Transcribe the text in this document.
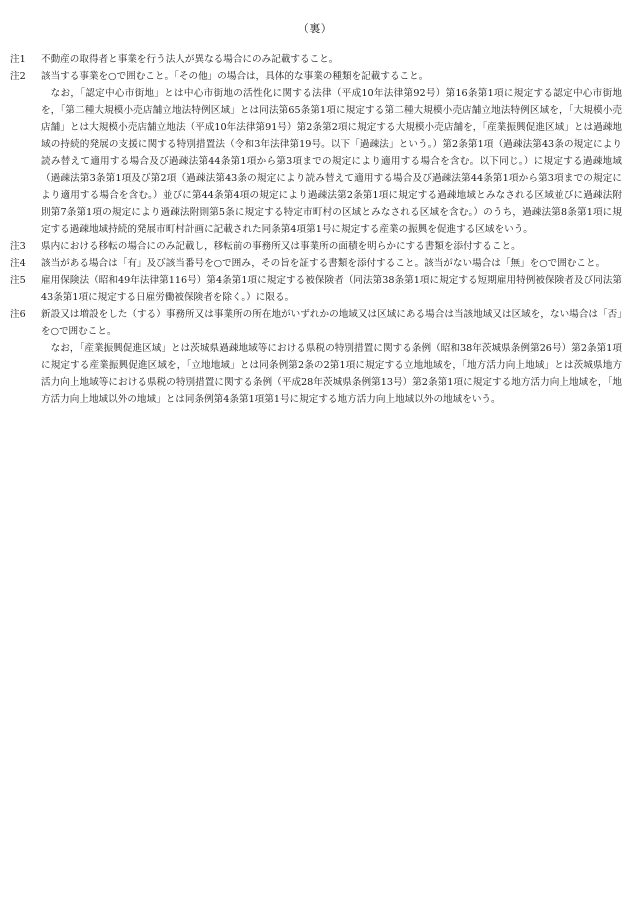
（裏）
注1	不動産の取得者と事業を行う法人が異なる場合にのみ記載すること。

注2	該当する事業を○で囲むこと。「その他」の場合は，具体的な事業の種類を記載すること。

なお，「認定中心市街地」とは中心市街地の活性化に関する法律（平成10年法律第92号）第16条第1項に規定する認定中心市街地を，「第二種大規模小売店舗立地法特例区域」とは同法第65条第1項に規定する第二種大規模小売店舗立地法特例区域を，「大規模小売店舗」とは大規模小売店舗立地法（平成10年法律第91号）第2条第2項に規定する大規模小売店舗を，「産業振興促進区域」とは過疎地域の持続的発展の支援に関する特別措置法（令和3年法律第19号。以下「過疎法」という。）第2条第1項（過疎法第43条の規定により読み替えて適用する場合及び過疎法第44条第1項から第3項までの規定により適用する場合を含む。以下同じ。）に規定する過疎地域（過疎法第3条第1項及び第2項（過疎法第43条の規定により読み替えて適用する場合及び過疎法第44条第1項から第3項までの規定により適用する場合を含む。）並びに第44条第4項の規定により過疎法第2条第1項に規定する過疎地域とみなされる区域並びに過疎法附則第7条第1項の規定により過疎法附則第5条に規定する特定市町村の区域とみなされる区域を含む。）のうち，過疎法第8条第1項に規定する過疎地域持続的発展市町村計画に記載された同条第4項第1号に規定する産業の振興を促進する区域をいう。

注3	県内における移転の場合にのみ記載し，移転前の事務所又は事業所の面積を明らかにする書類を添付すること。

注4	該当がある場合は「有」及び該当番号を○で囲み，その旨を証する書類を添付すること。該当がない場合は「無」を○で囲むこと。

注5	雇用保険法（昭和49年法律第116号）第4条第1項に規定する被保険者（同法第38条第1項に規定する短期雇用特例被保険者及び同法第43条第1項に規定する日雇労働被保険者を除く。）に限る。

注6	新設又は増設をした（する）事務所又は事業所の所在地がいずれかの地域又は区域にある場合は当該地域又は区域を，ない場合は「否」を○で囲むこと。

なお，「産業振興促進区域」とは茨城県過疎地域等における県税の特別措置に関する条例（昭和38年茨城県条例第26号）第2条第1項に規定する産業振興促進区域を，「立地地域」とは同条例第2条の2第1項に規定する立地地域を，「地方活力向上地域」とは茨城県地方活力向上地域等における県税の特別措置に関する条例（平成28年茨城県条例第13号）第2条第1項に規定する地方活力向上地域を，「地方活力向上地域以外の地域」とは同条例第4条第1項第1号に規定する地方活力向上地域以外の地域をいう。
